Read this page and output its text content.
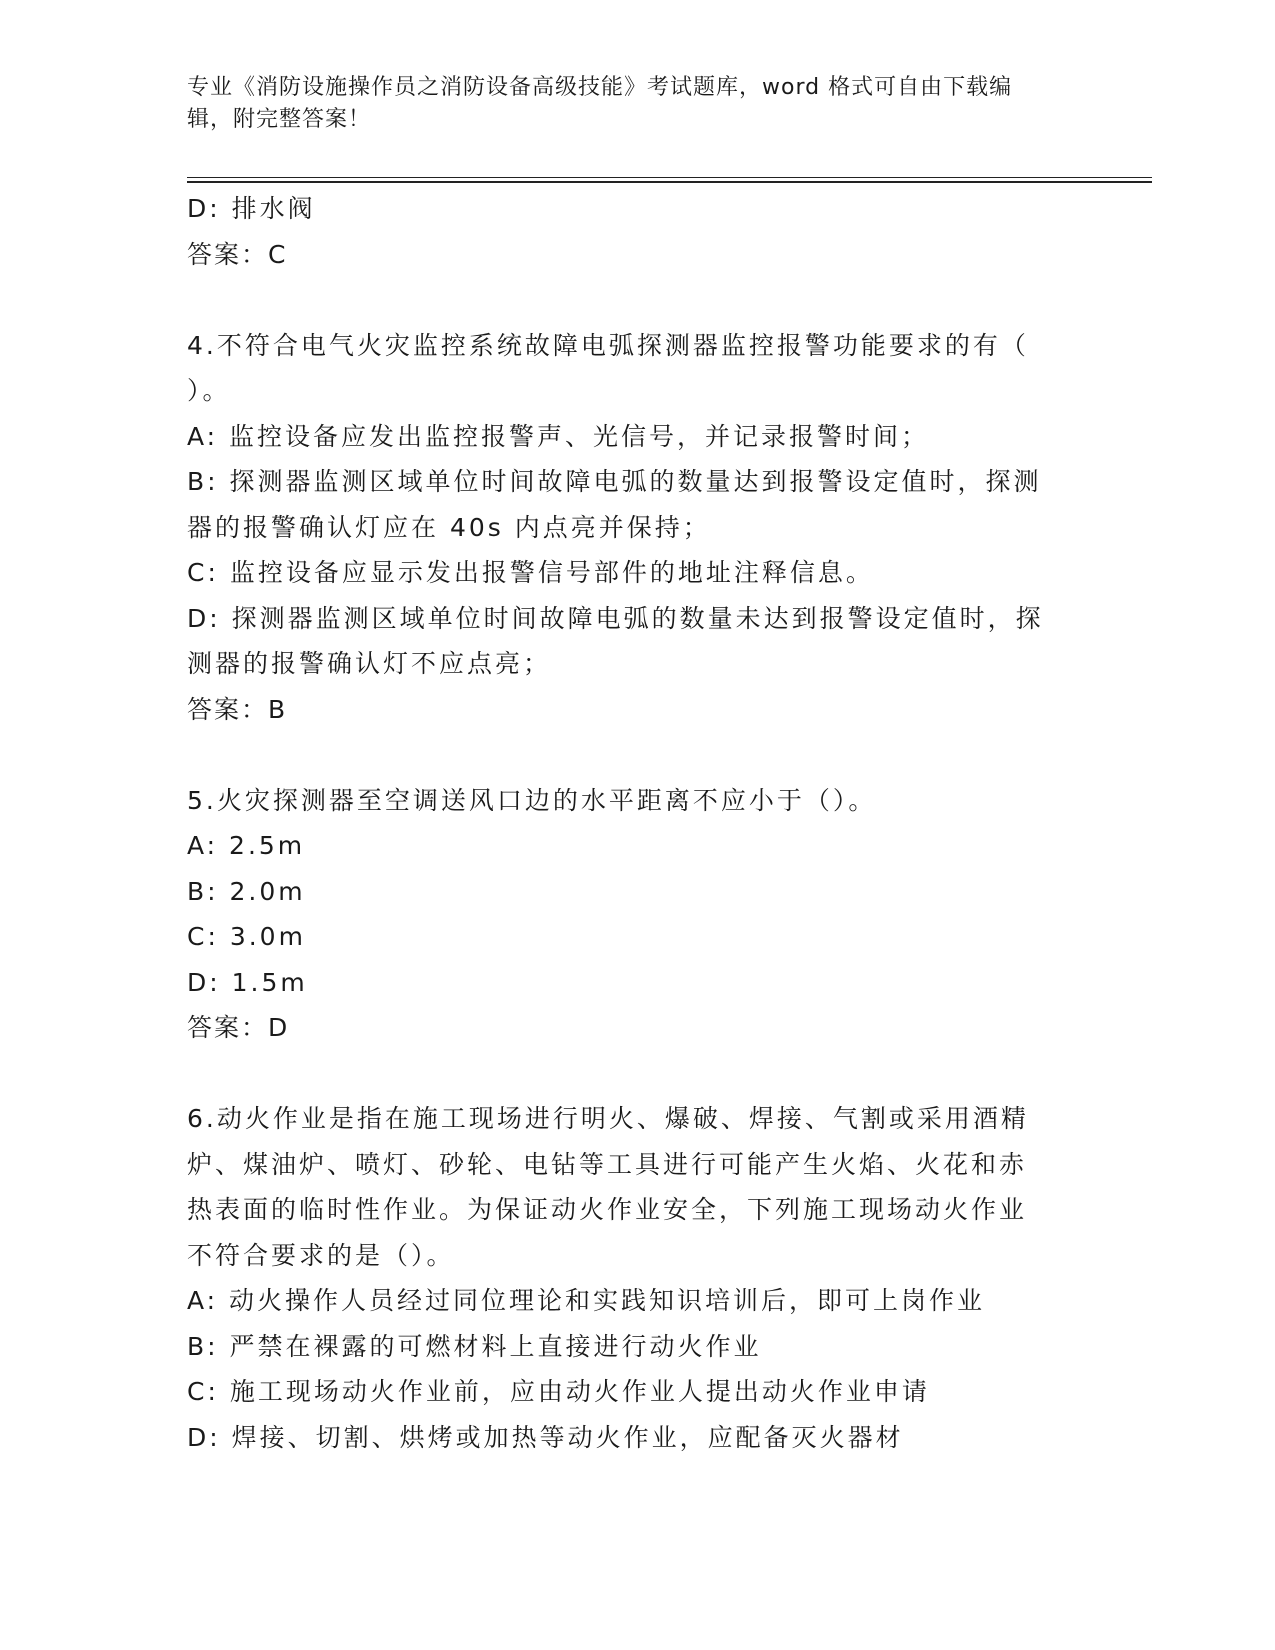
专业《消防设施操作员之消防设备高级技能》考试题库，word 格式可自由下载编
辑，附完整答案！
D: 排水阀
答案：C
4.不符合电气火灾监控系统故障电弧探测器监控报警功能要求的有（
）。
A: 监控设备应发出监控报警声、光信号，并记录报警时间；
B: 探测器监测区域单位时间故障电弧的数量达到报警设定值时，探测
器的报警确认灯应在 40s 内点亮并保持；
C: 监控设备应显示发出报警信号部件的地址注释信息。
D: 探测器监测区域单位时间故障电弧的数量未达到报警设定值时，探
测器的报警确认灯不应点亮；
答案：B
5.火灾探测器至空调送风口边的水平距离不应小于（）。
A: 2.5m
B: 2.0m
C: 3.0m
D: 1.5m
答案：D
6.动火作业是指在施工现场进行明火、爆破、焊接、气割或采用酒精
炉、煤油炉、喷灯、砂轮、电钻等工具进行可能产生火焰、火花和赤
热表面的临时性作业。为保证动火作业安全，下列施工现场动火作业
不符合要求的是（）。
A: 动火操作人员经过同位理论和实践知识培训后，即可上岗作业
B: 严禁在裸露的可燃材料上直接进行动火作业
C: 施工现场动火作业前，应由动火作业人提出动火作业申请
D: 焊接、切割、烘烤或加热等动火作业，应配备灭火器材
